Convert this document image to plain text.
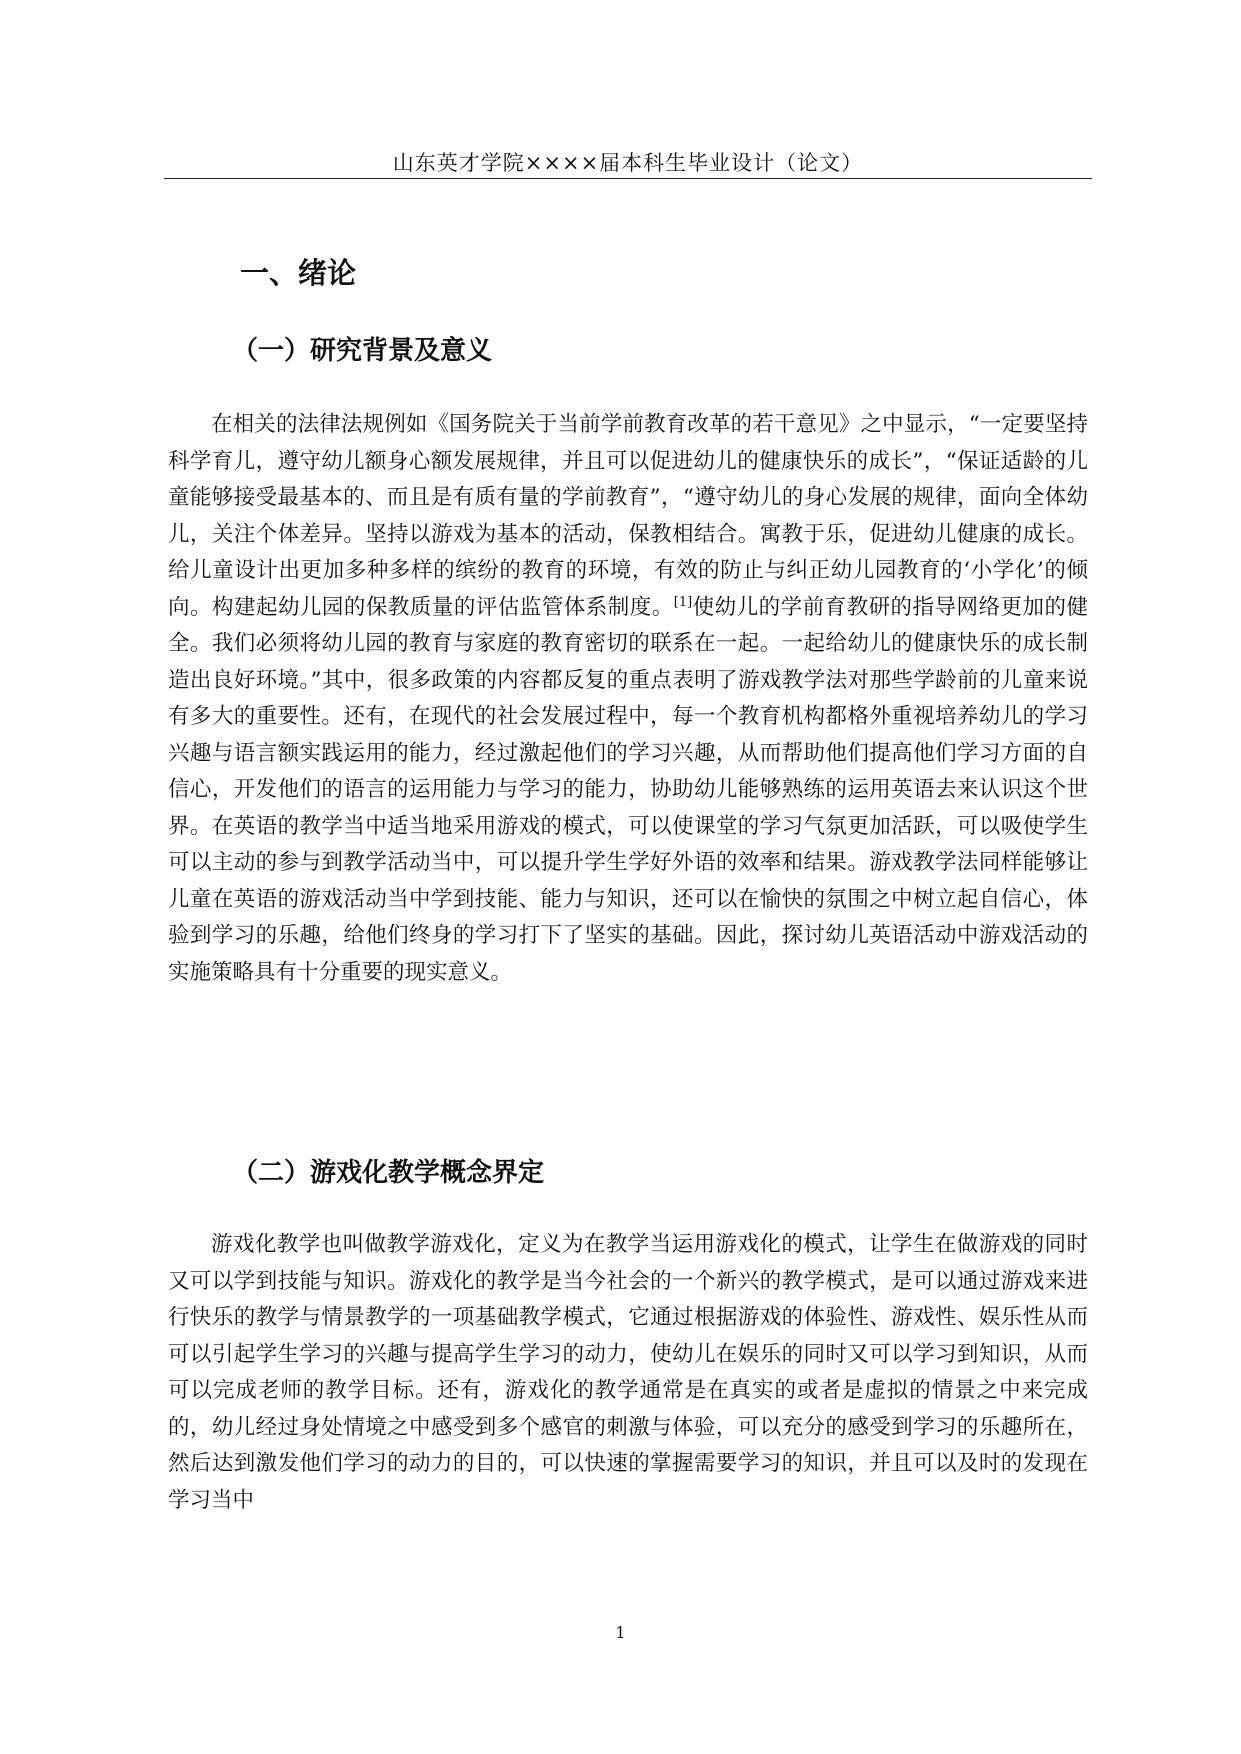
山东英才学院××××届本科生毕业设计（论文）
一、绪论
（一）研究背景及意义

在相关的法律法规例如《国务院关于当前学前教育改革的若干意见》之中显示，“一定要坚持科学育儿，遵守幼儿额身心额发展规律，并且可以促进幼儿的健康快乐的成长”，“保证适龄的儿童能够接受最基本的、而且是有质有量的学前教育”，“遵守幼儿的身心发展的规律，面向全体幼儿，关注个体差异。坚持以游戏为基本的活动，保教相结合。寓教于乐，促进幼儿健康的成长。给儿童设计出更加多种多样的缤纷的教育的环境，有效的防止与纠正幼儿园教育的‘小学化’的倾向。构建起幼儿园的保教质量的评估监管体系制度。[1]使幼儿的学前育教研的指导网络更加的健全。我们必须将幼儿园的教育与家庭的教育密切的联系在一起。一起给幼儿的健康快乐的成长制造出良好环境。”其中，很多政策的内容都反复的重点表明了游戏教学法对那些学龄前的儿童来说有多大的重要性。还有，在现代的社会发展过程中，每一个教育机构都格外重视培养幼儿的学习兴趣与语言额实践运用的能力，经过激起他们的学习兴趣，从而帮助他们提高他们学习方面的自信心，开发他们的语言的运用能力与学习的能力，协助幼儿能够熟练的运用英语去来认识这个世界。在英语的教学当中适当地采用游戏的模式，可以使课堂的学习气氛更加活跃，可以吸使学生可以主动的参与到教学活动当中，可以提升学生学好外语的效率和结果。游戏教学法同样能够让儿童在英语的游戏活动当中学到技能、能力与知识，还可以在愉快的氛围之中树立起自信心，体验到学习的乐趣，给他们终身的学习打下了坚实的基础。因此，探讨幼儿英语活动中游戏活动的实施策略具有十分重要的现实意义。

（二）游戏化教学概念界定

游戏化教学也叫做教学游戏化，定义为在教学当运用游戏化的模式，让学生在做游戏的同时又可以学到技能与知识。游戏化的教学是当今社会的一个新兴的教学模式，是可以通过游戏来进行快乐的教学与情景教学的一项基础教学模式，它通过根据游戏的体验性、游戏性、娱乐性从而可以引起学生学习的兴趣与提高学生学习的动力，使幼儿在娱乐的同时又可以学习到知识，从而可以完成老师的教学目标。还有，游戏化的教学通常是在真实的或者是虚拟的情景之中来完成的，幼儿经过身处情境之中感受到多个感官的刺激与体验，可以充分的感受到学习的乐趣所在，然后达到激发他们学习的动力的目的，可以快速的掌握需要学习的知识，并且可以及时的发现在学习当中

1
